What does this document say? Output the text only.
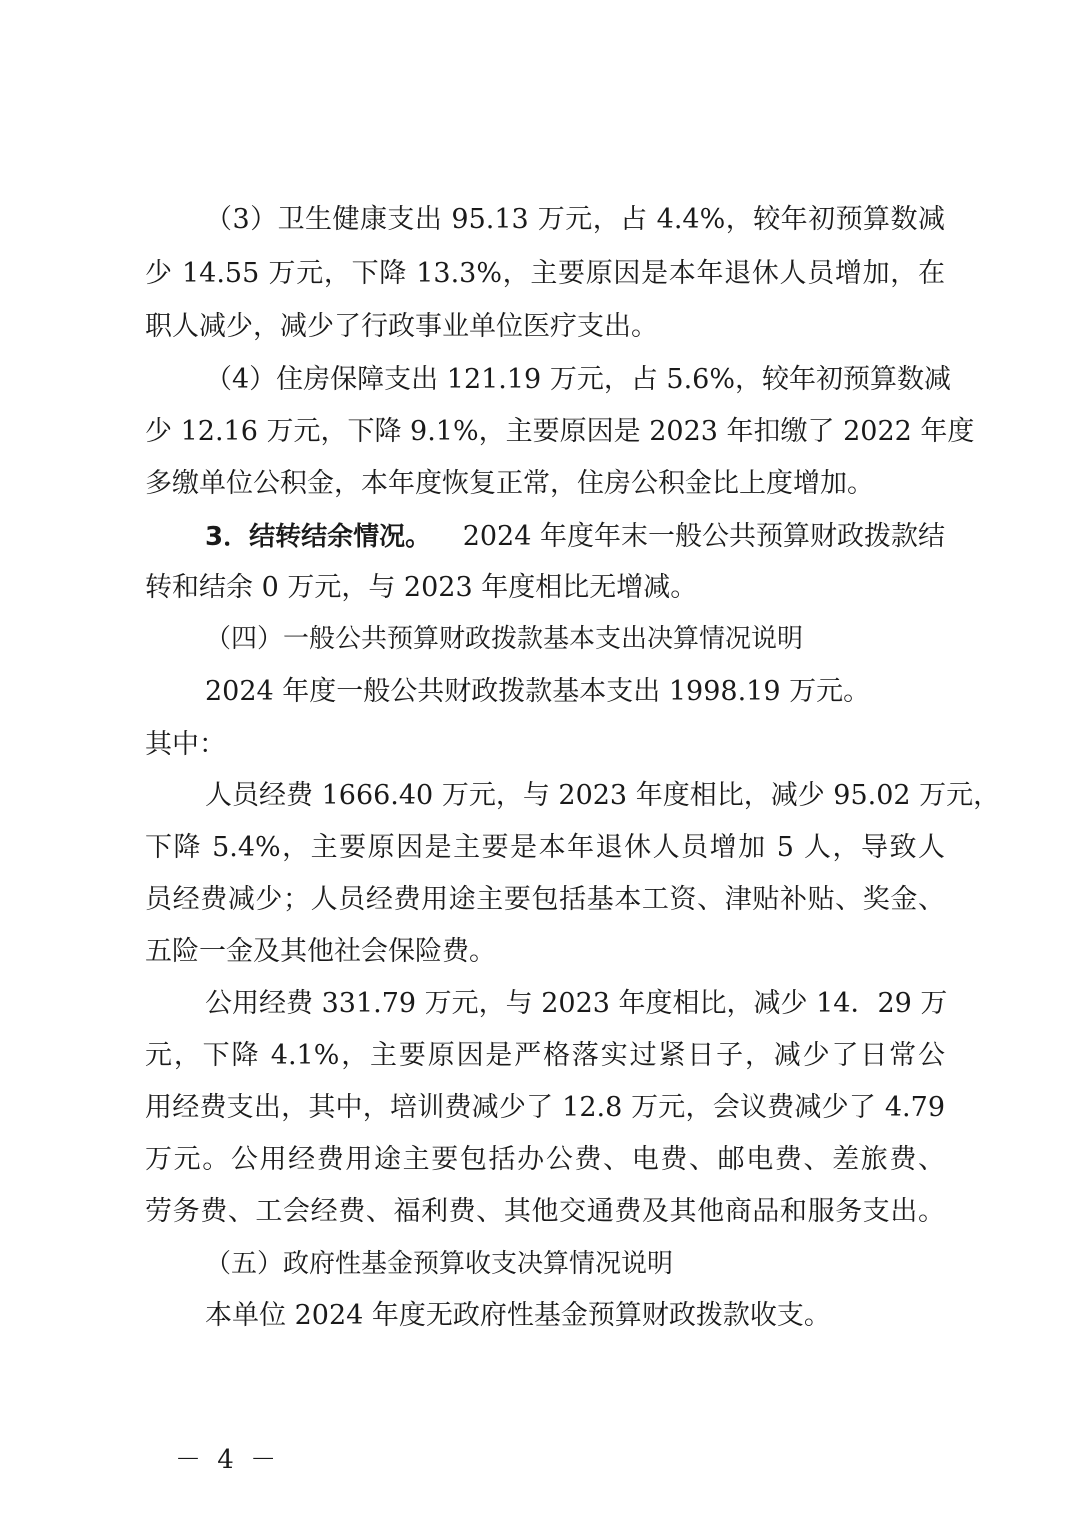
（3）卫生健康支出 95.13 万元，占 4.4%，较年初预算数减
少 14.55 万元，下降 13.3%，主要原因是本年退休人员增加，在
职人减少，减少了行政事业单位医疗支出。
（4）住房保障支出 121.19 万元，占 5.6%，较年初预算数减
少 12.16 万元，下降 9.1%，主要原因是 2023 年扣缴了 2022 年度
多缴单位公积金，本年度恢复正常，住房公积金比上度增加。
3．结转结余情况。 2024 年度年末一般公共预算财政拨款结
转和结余 0 万元，与 2023 年度相比无增减。
（四）一般公共预算财政拨款基本支出决算情况说明
2024 年度一般公共财政拨款基本支出 1998.19 万元。
其中：
人员经费 1666.40 万元，与 2023 年度相比，减少 95.02 万元，
下降 5.4%，主要原因是主要是本年退休人员增加 5 人，导致人
员经费减少；人员经费用途主要包括基本工资、津贴补贴、奖金、
五险一金及其他社会保险费。
公用经费 331.79 万元，与 2023 年度相比，减少 14．29 万
元，下降 4.1%，主要原因是严格落实过紧日子，减少了日常公
用经费支出，其中，培训费减少了 12.8 万元，会议费减少了 4.79
万元。公用经费用途主要包括办公费、电费、邮电费、差旅费、
劳务费、工会经费、福利费、其他交通费及其他商品和服务支出。
（五）政府性基金预算收支决算情况说明
本单位 2024 年度无政府性基金预算财政拨款收支。
－ 4 －
